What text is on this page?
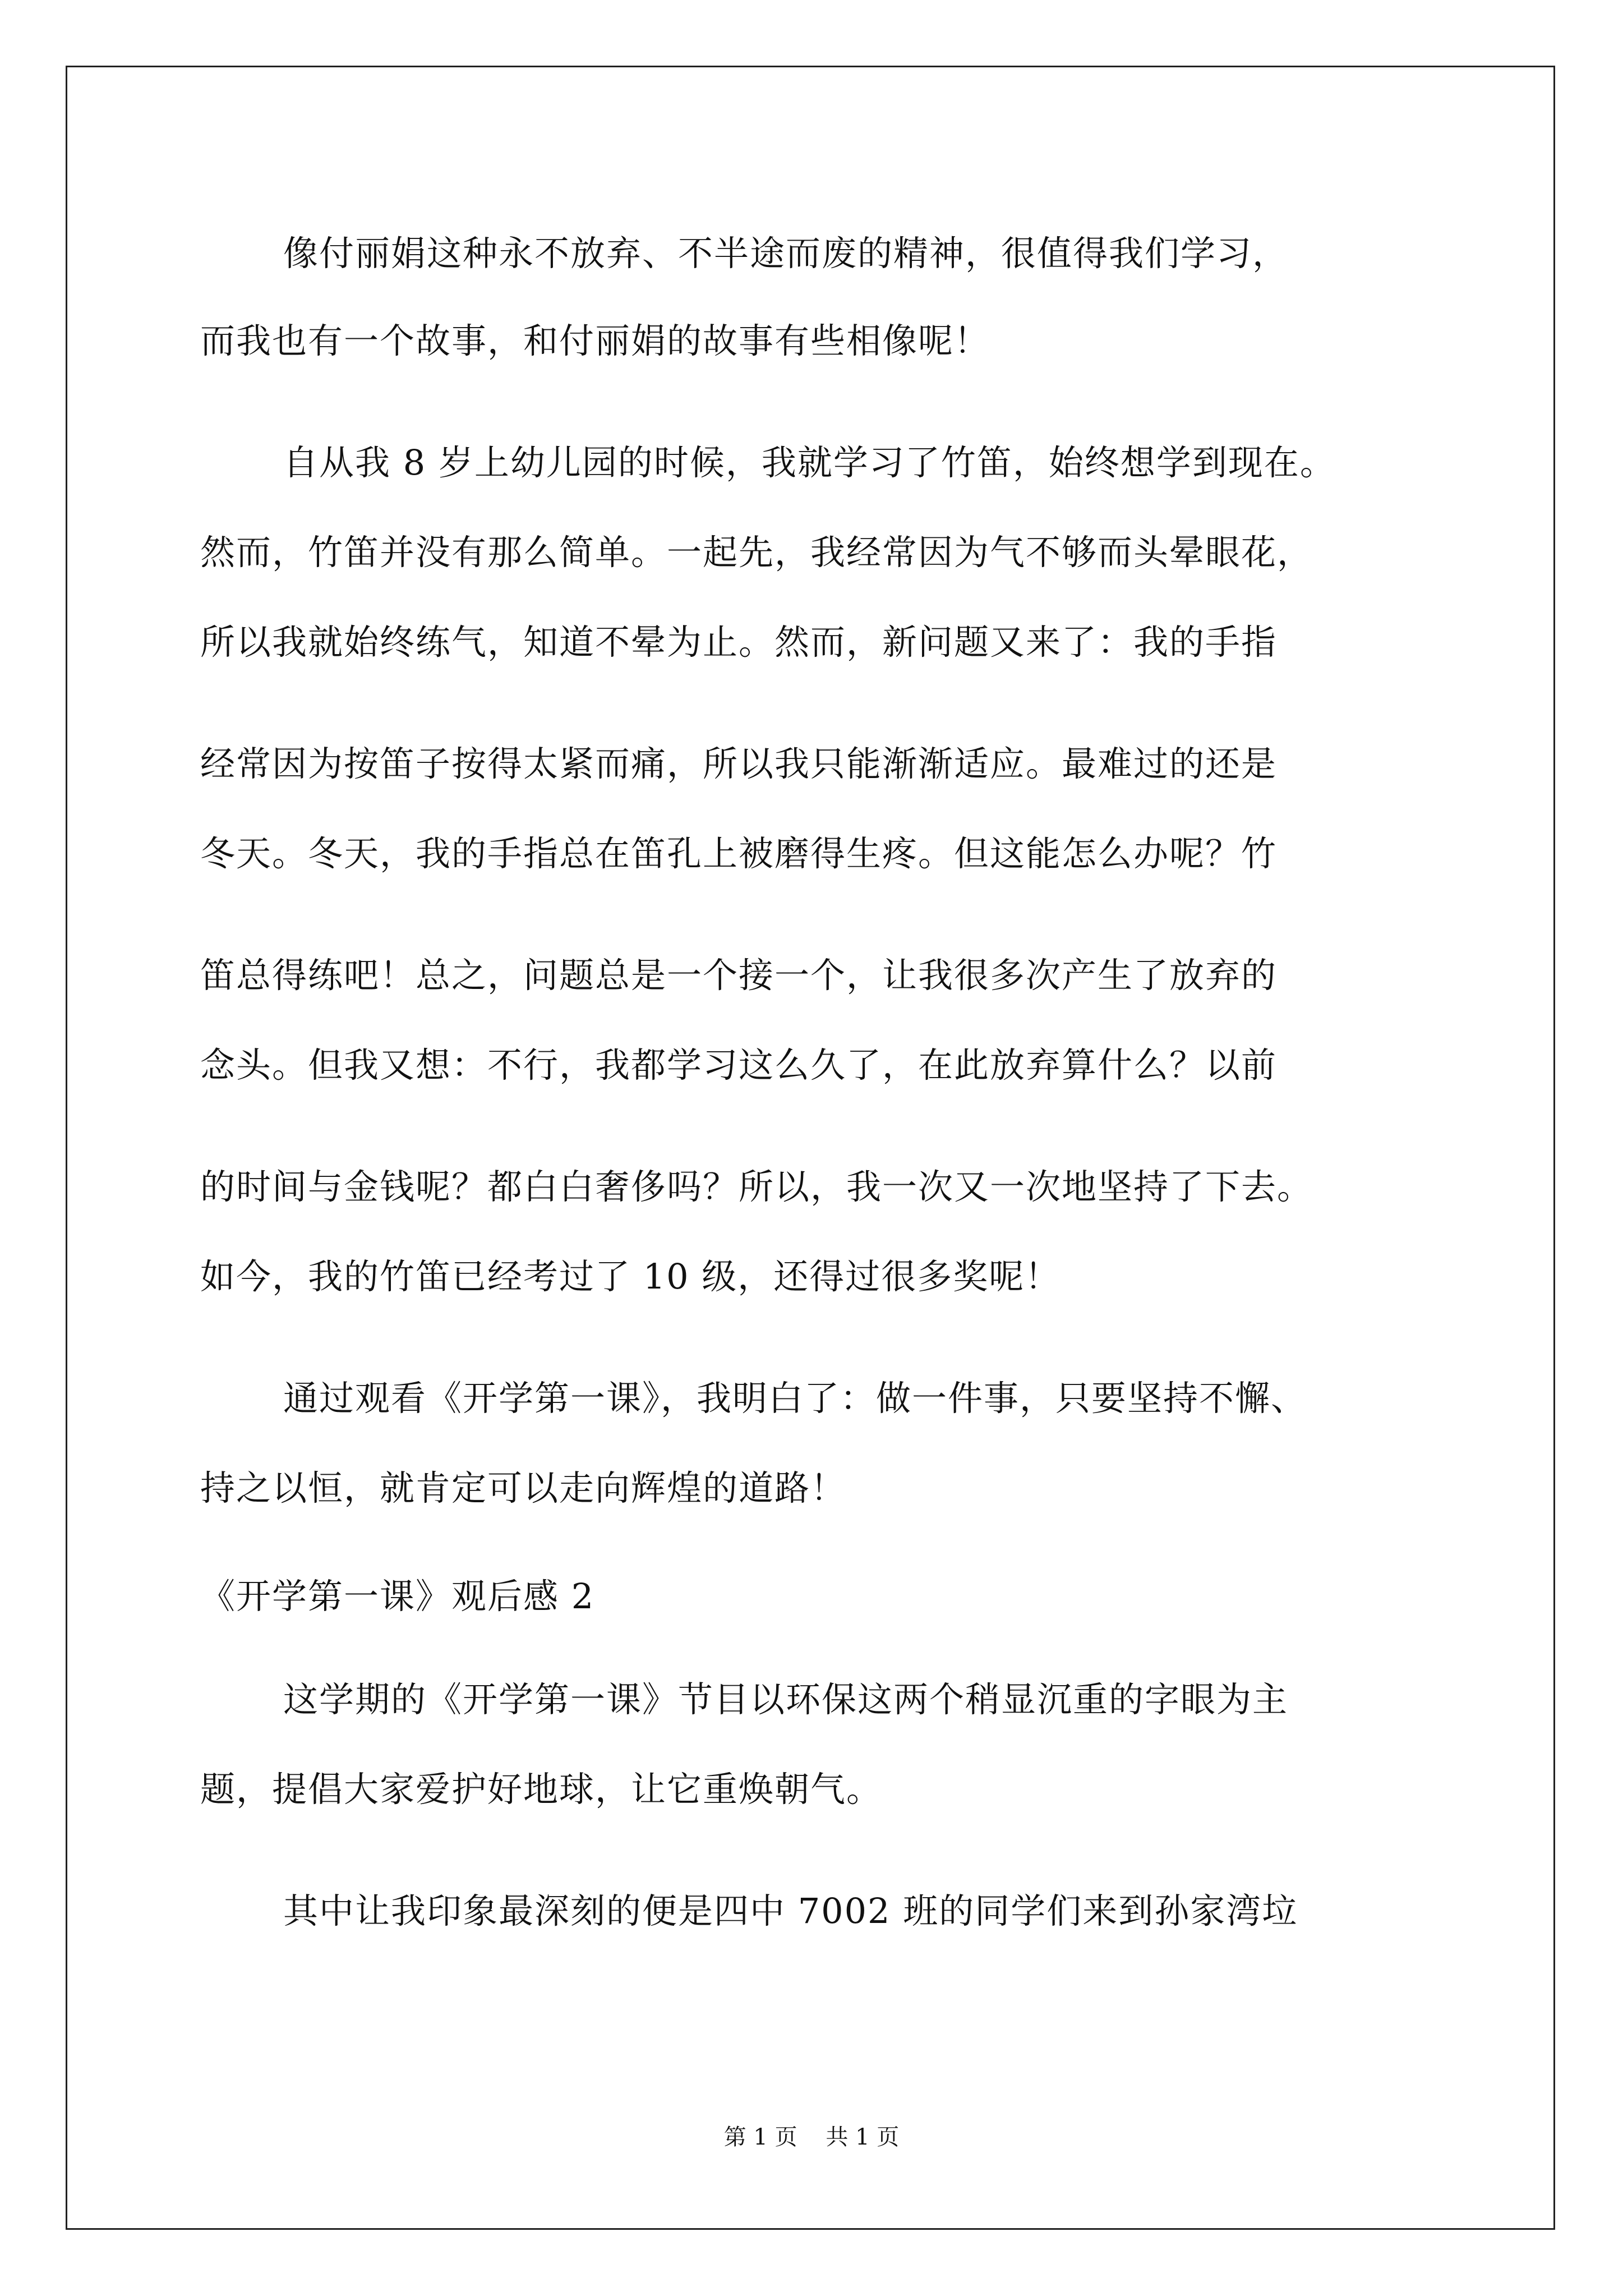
像付丽娟这种永不放弃、不半途而废的精神，很值得我们学习，
而我也有一个故事，和付丽娟的故事有些相像呢！
自从我 8 岁上幼儿园的时候，我就学习了竹笛，始终想学到现在。
然而，竹笛并没有那么简单。一起先，我经常因为气不够而头晕眼花，
所以我就始终练气，知道不晕为止。然而，新问题又来了：我的手指
经常因为按笛子按得太紧而痛，所以我只能渐渐适应。最难过的还是
冬天。冬天，我的手指总在笛孔上被磨得生疼。但这能怎么办呢？竹
笛总得练吧！总之，问题总是一个接一个，让我很多次产生了放弃的
念头。但我又想：不行，我都学习这么久了，在此放弃算什么？以前
的时间与金钱呢？都白白奢侈吗？所以，我一次又一次地坚持了下去。
如今，我的竹笛已经考过了 10 级，还得过很多奖呢！
通过观看《开学第一课》，我明白了：做一件事，只要坚持不懈、
持之以恒，就肯定可以走向辉煌的道路！
《开学第一课》观后感 2
这学期的《开学第一课》节目以环保这两个稍显沉重的字眼为主
题，提倡大家爱护好地球，让它重焕朝气。
其中让我印象最深刻的便是四中 7002 班的同学们来到孙家湾垃
第 1 页    共 1 页
